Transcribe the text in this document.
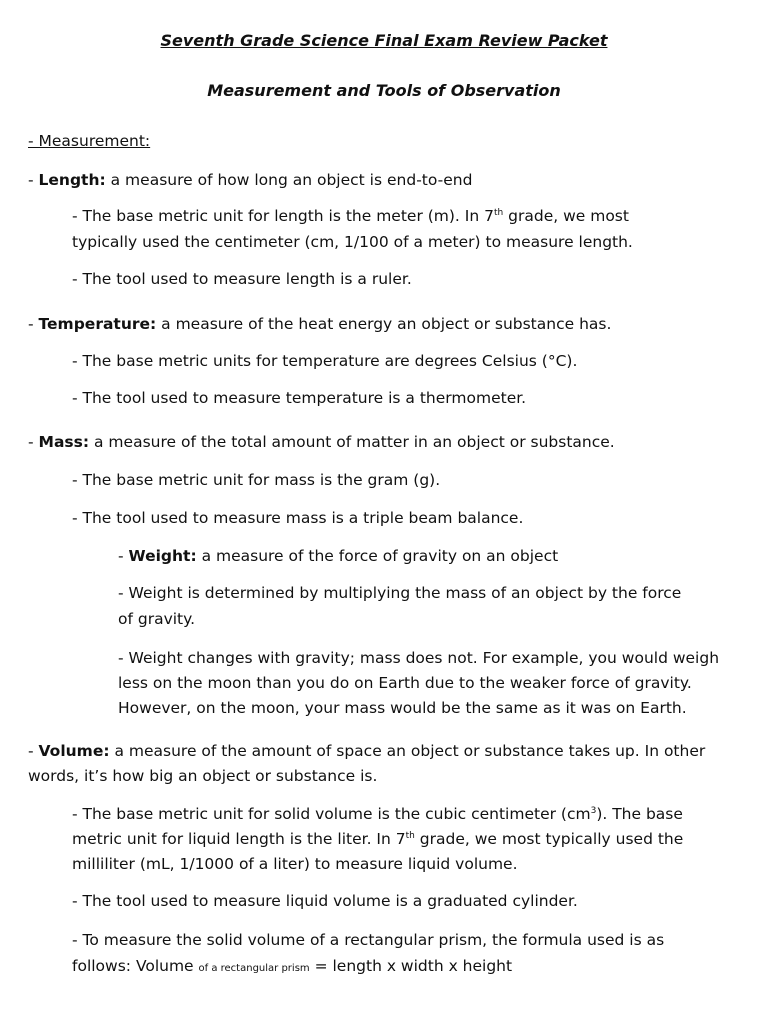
Seventh Grade Science Final Exam Review Packet
Measurement and Tools of Observation
- Measurement:
- Length: a measure of how long an object is end-to-end
- The base metric unit for length is the meter (m). In 7th grade, we most
typically used the centimeter (cm, 1/100 of a meter) to measure length.
- The tool used to measure length is a ruler.
- Temperature: a measure of the heat energy an object or substance has.
- The base metric units for temperature are degrees Celsius (°C).
- The tool used to measure temperature is a thermometer.
- Mass: a measure of the total amount of matter in an object or substance.
- The base metric unit for mass is the gram (g).
- The tool used to measure mass is a triple beam balance.
- Weight: a measure of the force of gravity on an object
- Weight is determined by multiplying the mass of an object by the force
of gravity.
- Weight changes with gravity; mass does not. For example, you would weigh
less on the moon than you do on Earth due to the weaker force of gravity.
However, on the moon, your mass would be the same as it was on Earth.
- Volume: a measure of the amount of space an object or substance takes up. In other
words, it’s how big an object or substance is.
- The base metric unit for solid volume is the cubic centimeter $(cm^3)$. The base
metric unit for liquid length is the liter. In 7th grade, we most typically used the
milliliter (mL, 1/1000 of a liter) to measure liquid volume.
- The tool used to measure liquid volume is a graduated cylinder.
- To measure the solid volume of a rectangular prism, the formula used is as
follows: Volume of a rectangular prism = length x width x height
